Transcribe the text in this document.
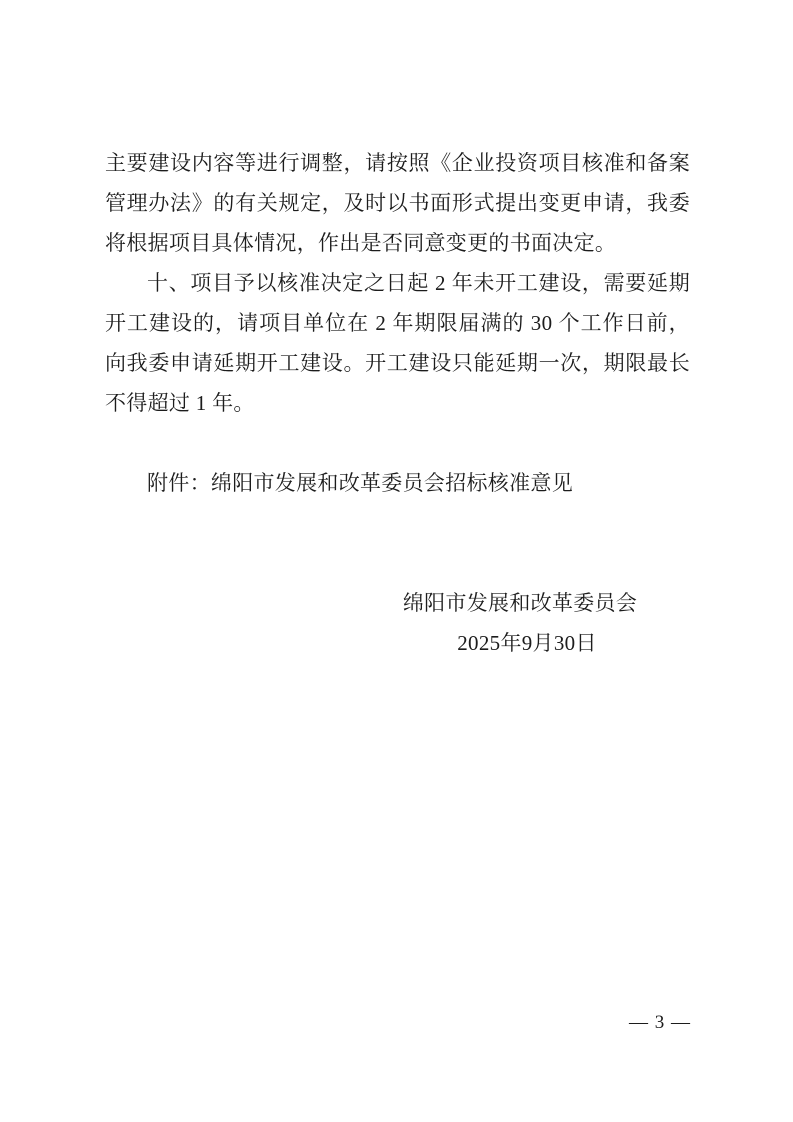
主要建设内容等进行调整，请按照《企业投资项目核准和备案管理办法》的有关规定，及时以书面形式提出变更申请，我委将根据项目具体情况，作出是否同意变更的书面决定。

十、项目予以核准决定之日起 2 年未开工建设，需要延期开工建设的，请项目单位在 2 年期限届满的 30 个工作日前，向我委申请延期开工建设。开工建设只能延期一次，期限最长不得超过 1 年。

附件：绵阳市发展和改革委员会招标核准意见

绵阳市发展和改革委员会
2025年9月30日
— 3 —
